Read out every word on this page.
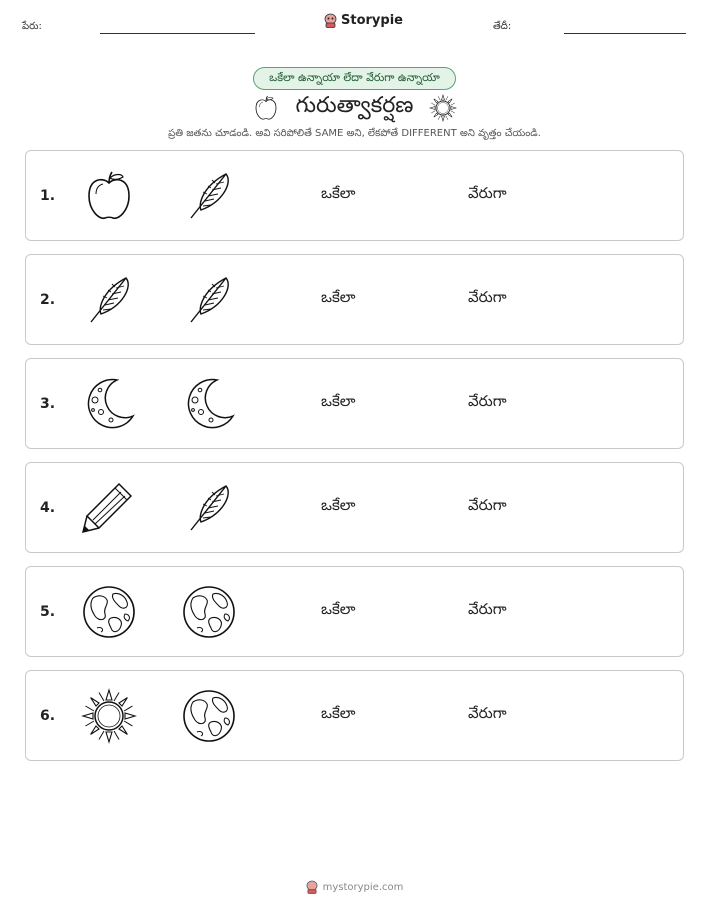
పేరు:	Storypie	తేదీ:
ఒకేలా ఉన్నాయా లేదా వేరుగా ఉన్నాయా
గురుత్వాకర్షణ
ప్రతి జతను చూడండి. అవి సరిపోలితే SAME అని, లేకపోతే DIFFERENT అని వృత్తం చేయండి.
1.	ఒకేలా	వేరుగా
2.	ఒకేలా	వేరుగా
3.	ఒకేలా	వేరుగా
4.	ఒకేలా	వేరుగా
5.	ఒకేలా	వేరుగా
6.	ఒకేలా	వేరుగా
mystorypie.com
